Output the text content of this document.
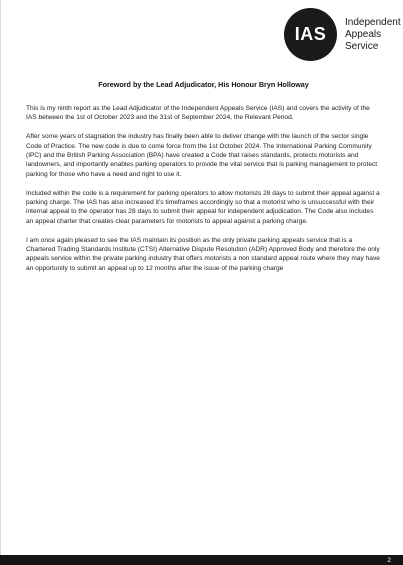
IAS
Independent
Appeals
Service

Foreword by the Lead Adjudicator, His Honour Bryn Holloway

This is my ninth report as the Lead Adjudicator of the Independent Appeals Service (IAS) and covers the activity of the IAS between the 1st of October 2023 and the 31st of September 2024, the Relevant Period.

After some years of stagnation the industry has finally been able to deliver change with the launch of the sector single Code of Practice. The new code is due to come force from the 1st October 2024. The International Parking Community (IPC) and the British Parking Association (BPA) have created a Code that raises standards, protects motorists and landowners, and importantly enables parking operators to provide the vital service that is parking management to protect parking for those who have a need and right to use it.

Included within the code is a requirement for parking operators to allow motorists 28 days to submit their appeal against a parking charge. The IAS has also increased it’s timeframes accordingly so that a motorist who is unsuccessful with their internal appeal to the operator has 28 days to submit their appeal for independent adjudication. The Code also includes an appeal charter that creates clear parameters for motorists to appeal against a parking charge.

I am once again pleased to see the IAS maintain its position as the only private parking appeals service that is a Chartered Trading Standards Institute (CTSI) Alternative Dispute Resolution (ADR) Approved Body and therefore the only appeals service within the private parking industry that offers motorists a non standard appeal route where they may have an opportunity to submit an appeal up to 12 months after the issue of the parking charge

2
